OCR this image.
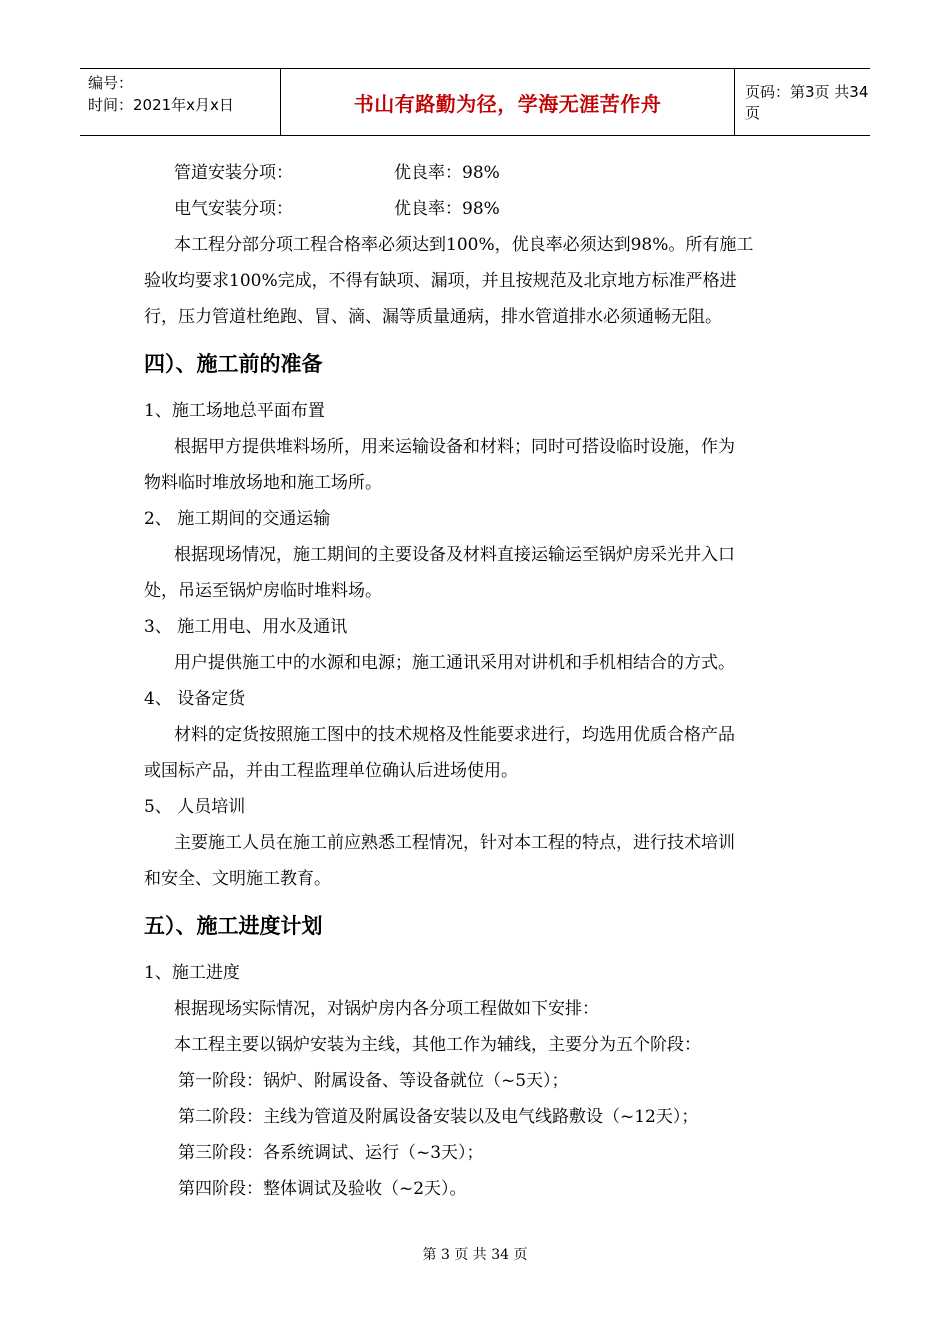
编号：
时间：2021年x月x日	书山有路勤为径，学海无涯苦作舟	页码：第3页 共34页
管道安装分项：	优良率：98%
电气安装分项：	优良率：98%
本工程分部分项工程合格率必须达到100%，优良率必须达到98%。所有施工
验收均要求100%完成，不得有缺项、漏项，并且按规范及北京地方标准严格进
行，压力管道杜绝跑、冒、滴、漏等质量通病，排水管道排水必须通畅无阻。
四）、施工前的准备
1、施工场地总平面布置
根据甲方提供堆料场所，用来运输设备和材料；同时可搭设临时设施，作为
物料临时堆放场地和施工场所。
2、 施工期间的交通运输
根据现场情况，施工期间的主要设备及材料直接运输运至锅炉房采光井入口
处，吊运至锅炉房临时堆料场。
3、 施工用电、用水及通讯
用户提供施工中的水源和电源；施工通讯采用对讲机和手机相结合的方式。
4、 设备定货
材料的定货按照施工图中的技术规格及性能要求进行，均选用优质合格产品
或国标产品，并由工程监理单位确认后进场使用。
5、 人员培训
主要施工人员在施工前应熟悉工程情况，针对本工程的特点，进行技术培训
和安全、文明施工教育。
五）、施工进度计划
1、施工进度
根据现场实际情况，对锅炉房内各分项工程做如下安排：
本工程主要以锅炉安装为主线，其他工作为辅线，主要分为五个阶段：
第一阶段：锅炉、附属设备、等设备就位（~5天）；
第二阶段：主线为管道及附属设备安装以及电气线路敷设（~12天）；
第三阶段：各系统调试、运行（~3天）；
第四阶段：整体调试及验收（~2天）。
第 3 页 共 34 页
